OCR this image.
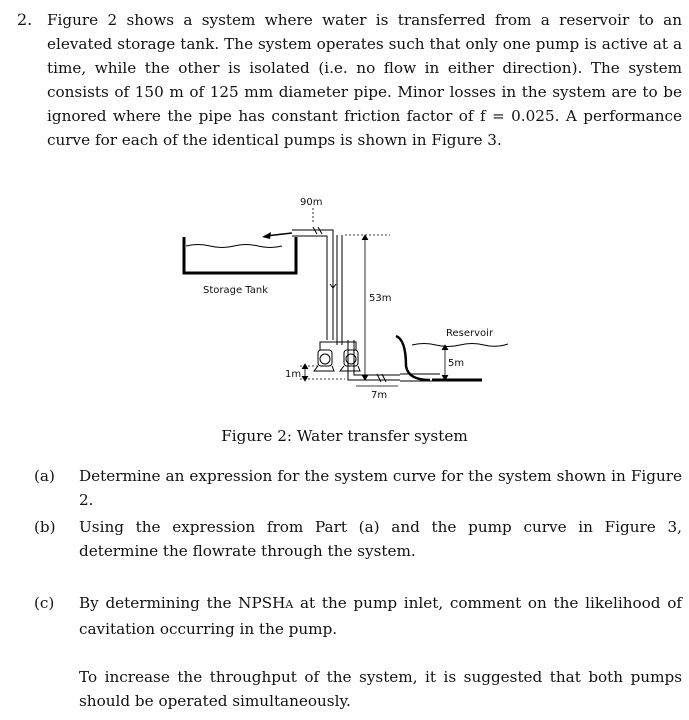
2. Figure 2 shows a system where water is transferred from a reservoir to an elevated storage tank. The system operates such that only one pump is active at a time, while the other is isolated (i.e. no flow in either direction). The system consists of 150 m of 125 mm diameter pipe. Minor losses in the system are to be ignored where the pipe has constant friction factor of f = 0.025. A performance curve for each of the identical pumps is shown in Figure 3.

90m
Storage Tank
53m
Reservoir
5m
1m
7m
Figure 2: Water transfer system
(a) Determine an expression for the system curve for the system shown in Figure 2.

(b) Using the expression from Part (a) and the pump curve in Figure 3, determine the flowrate through the system.

(c) By determining the NPSHA at the pump inlet, comment on the likelihood of cavitation occurring in the pump.

To increase the throughput of the system, it is suggested that both pumps should be operated simultaneously.
